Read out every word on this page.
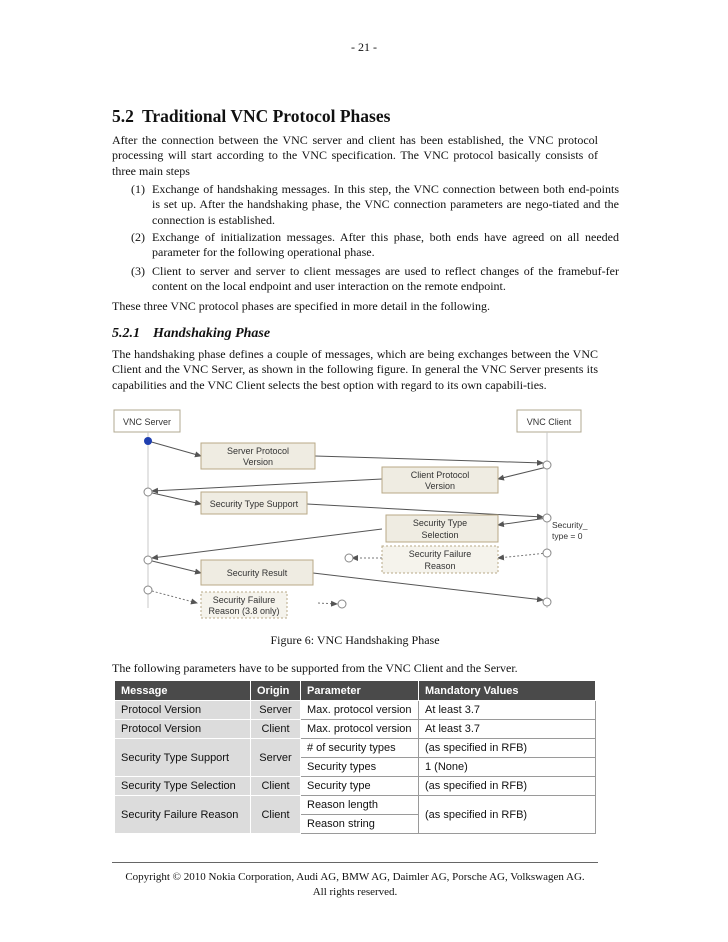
- 21 -
5.2 Traditional VNC Protocol Phases

After the connection between the VNC server and client has been established, the VNC protocol processing will start according to the VNC specification. The VNC protocol basically consists of three main steps

(1) Exchange of handshaking messages. In this step, the VNC connection between both end-points is set up. After the handshaking phase, the VNC connection parameters are nego-tiated and the connection is established.

(2) Exchange of initialization messages. After this phase, both ends have agreed on all needed parameter for the following operational phase.

(3) Client to server and server to client messages are used to reflect changes of the framebuf-fer content on the local endpoint and user interaction on the remote endpoint.

These three VNC protocol phases are specified in more detail in the following.

5.2.1 Handshaking Phase

The handshaking phase defines a couple of messages, which are being exchanges between the VNC Client and the VNC Server, as shown in the following figure. In general the VNC Server presents its capabilities and the VNC Client selects the best option with regard to its own capabili-ties.

VNC Server	VNC Client
Server Protocol
Version
Client Protocol
Version
Security Type Support
Security Type
Selection
Security Failure
Reason
Security Result
Security Failure
Reason (3.8 only)
Security_
type = 0
Figure 6: VNC Handshaking Phase

The following parameters have to be supported from the VNC Client and the Server.

Message	Origin	Parameter	Mandatory Values
Protocol Version	Server	Max. protocol version	At least 3.7
Protocol Version	Client	Max. protocol version	At least 3.7
Security Type Support	Server	# of security types	(as specified in RFB)
		Security types	1 (None)
Security Type Selection	Client	Security type	(as specified in RFB)
Security Failure Reason	Client	Reason length	(as specified in RFB)
		Reason string	
Copyright © 2010 Nokia Corporation, Audi AG, BMW AG, Daimler AG, Porsche AG, Volkswagen AG.
All rights reserved.
